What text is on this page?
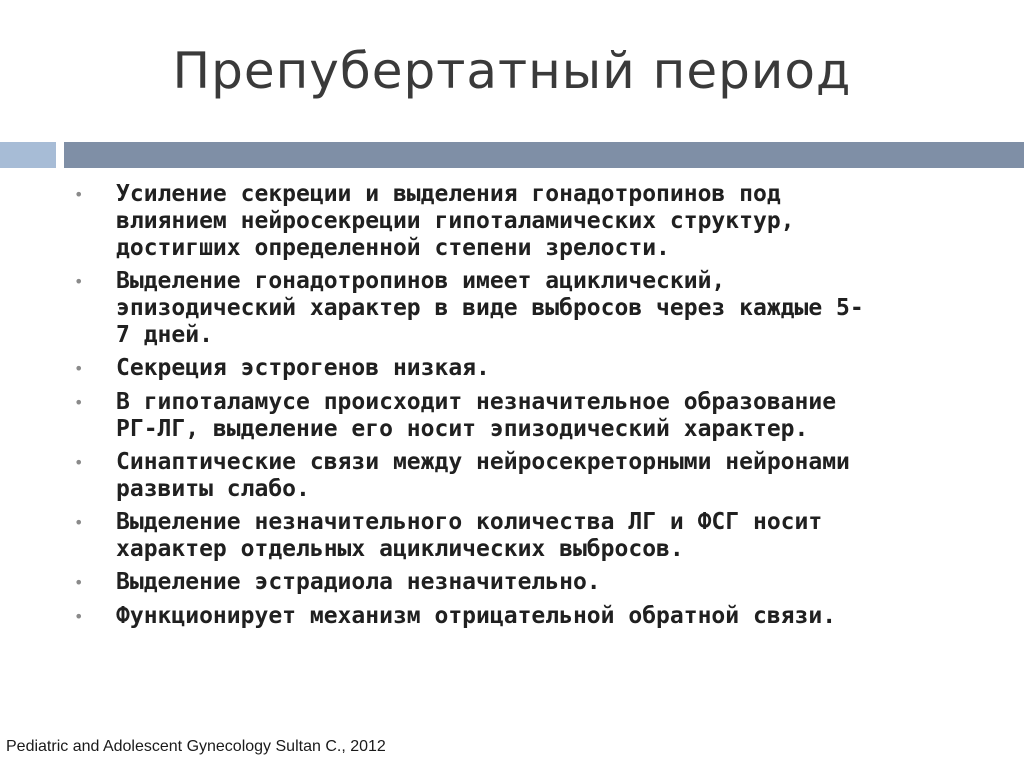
Препубертатный период
•	Усиление секреции и выделения гонадотропинов под
влиянием нейросекреции гипоталамических структур,
достигших определенной степени зрелости.
•	Выделение гонадотропинов имеет ациклический,
эпизодический характер в виде выбросов через каждые 5-
7 дней.
•	Секреция эстрогенов низкая.
•	В гипоталамусе происходит незначительное образование
РГ-ЛГ, выделение его носит эпизодический характер.
•	Синаптические связи между нейросекреторными нейронами
развиты слабо.
•	Выделение незначительного количества ЛГ и ФСГ носит
характер отдельных ациклических выбросов.
•	Выделение эстрадиола незначительно.
•	Функционирует механизм отрицательной обратной связи.
Pediatric and Adolescent Gynecology Sultan C., 2012
